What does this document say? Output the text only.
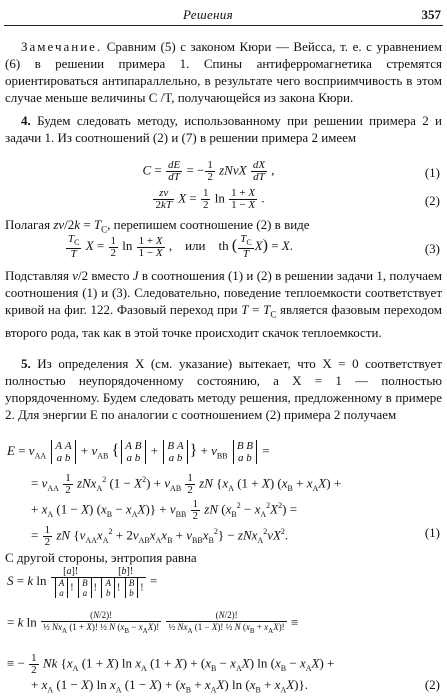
Решения	357

Замечание. Сравним (5) с законом Кюри — Вейсса, т. е. с уравнением (6) в решении примера 1. Спины антиферромагнетика стремятся ориентироваться антипараллельно, в результате чего восприимчивость в этом случае меньше величины C /T, получающейся из закона Кюри.

4. Будем следовать методу, использованному при решении примера 2 и задачи 1. Из соотношений (2) и (7) в решении примера 2 имеем

$C = \frac{dE}{dT}$ = − $\frac{1}{2}$ zNvX $\frac{dX}{dT}$ ,	(1)
$\frac{zv}{2kT}$ $X = \frac{1}{2}$ $\ln \frac{1 + X}{1 - X}$ .	(2)

Полагая $zv/2k = T_C$, перепишем соотношение (2) в виде

$\frac{T_C}{T}$ $X = \frac{1}{2}$ $\ln \frac{1 + X}{1 - X}$ ,    или    th ( $\frac{T_C}{T} X) = X$.	(3)

Подставляя v/2 вместо J в соотношения (1) и (2) в решении задачи 1, получаем соотношения (1) и (3). Следовательно, поведение теплоемкости соответствует кривой на фиг. 122. Фазовый переход при $T = T_C$ является фазовым переходом второго рода, так как в этой точке происходит скачок теплоемкости.

5. Из определения X (см. указание) вытекает, что X = 0 соответствует полностью неупорядоченному состоянию, а X = 1 — полностью упорядоченному. Будем следовать методу решения, предложенному в примере 2. Для энергии E по аналогии с соотношением (2) примера 2 получаем

$E = v_{AA}$
A A
a b
+ $v_{AB}$ { A B
a b
+ B A
a b } + $v_{BB}$
B B
a b
=
= $v_{AA} \frac{1}{2} zNx_A^2$ $(1 - X^2) + v_{AB} \frac{1}{2}$ zN {$x_A$ (1 + X) $(x_B + x_AX)$ +
+ $x_A$ (1 − X) $(x_B - x_AX)\} + v_{BB} \frac{1}{2}$ zN $(x_B^2 - x_A^2X^2)$ =
= $\frac{1}{2}$ zN $\{v_{AA}x_A^2 + 2v_{AB}x_Ax_B + v_{BB}x_B^2\} - zNx_A^2vX^2$.	(1)

С другой стороны, энтропия равна

S = k ln [a]!                [b]!
A
a ! B
a ! A
b ! B
b ! =
= k $\ln \frac{(N/2)!}{\frac{1}{2} Nx_A (1 + X)! \frac{1}{2} N (x_B - x_AX)!}$
$\frac{(N/2)!}{\frac{1}{2} Nx_A (1 - X)! \frac{1}{2} N (x_B + x_AX)!}$ ≡
≡ − $\frac{1}{2}$ Nk {$x_A$ (1 + X) $\ln x_A$ $(1 + X) + (x_B - x_AX)$ $\ln (x_B - x_AX)$ +
+ $x_A$ (1 − X) $\ln x_A$ $(1 - X) + (x_B + x_AX)$ $\ln (x_B + x_AX)$}.	(2)
